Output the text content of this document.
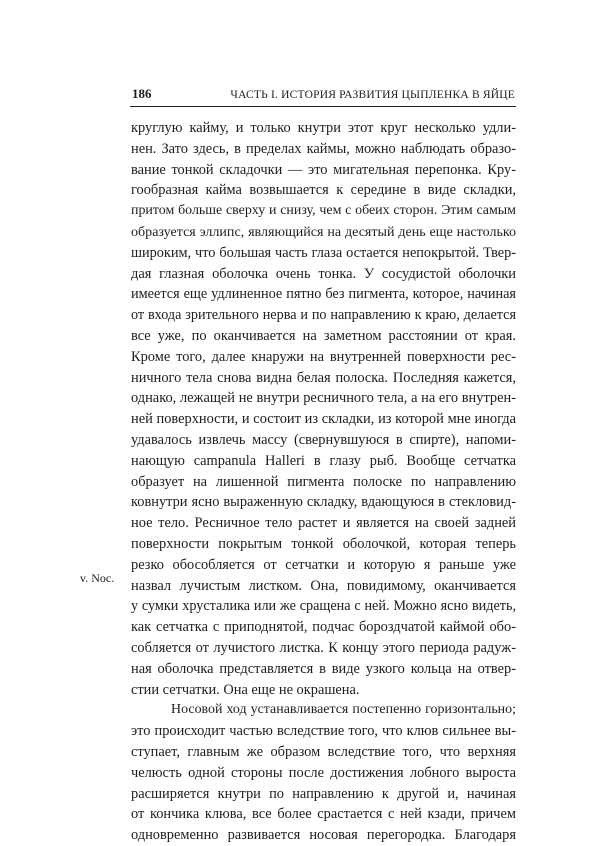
186	ЧАСТЬ I. ИСТОРИЯ РАЗВИТИЯ ЦЫПЛЕНКА В ЯЙЦЕ
v. Noc.
круглую кайму, и только кнутри этот круг несколько удли-
нен. Зато здесь, в пределах каймы, можно наблюдать образо-
вание тонкой складочки — это мигательная перепонка. Кру-
гообразная кайма возвышается к середине в виде складки,
притом больше сверху и снизу, чем с обеих сторон. Этим самым
образуется эллипс, являющийся на десятый день еще настолько
широким, что большая часть глаза остается непокрытой. Твер-
дая глазная оболочка очень тонка. У сосудистой оболочки
имеется еще удлиненное пятно без пигмента, которое, начиная
от входа зрительного нерва и по направлению к краю, делается
все уже, по оканчивается на заметном расстоянии от края.
Кроме того, далее кнаружи на внутренней поверхности рес-
ничного тела снова видна белая полоска. Последняя кажется,
однако, лежащей не внутри ресничного тела, а на его внутрен-
ней поверхности, и состоит из складки, из которой мне иногда
удавалось извлечь массу (свернувшуюся в спирте), напоми-
нающую campanula Halleri в глазу рыб. Вообще сетчатка
образует на лишенной пигмента полоске по направлению
ковнутри ясно выраженную складку, вдающуюся в стекловид-
ное тело. Ресничное тело растет и является на своей задней
поверхности покрытым тонкой оболочкой, которая теперь
резко обособляется от сетчатки и которую я раньше уже
назвал лучистым листком. Она, повидимому, оканчивается
у сумки хрусталика или же сращена с ней. Можно ясно видеть,
как сетчатка с приподнятой, подчас бороздчатой каймой обо-
собляется от лучистого листка. К концу этого периода радуж-
ная оболочка представляется в виде узкого кольца на отвер-
стии сетчатки. Она еще не окрашена.
Носовой ход устанавливается постепенно горизонтально;
это происходит частью вследствие того, что клюв сильнее вы-
ступает, главным же образом вследствие того, что верхняя
челюсть одной стороны после достижения лобного выроста
расширяется кнутри по направлению к другой и, начиная
от кончика клюва, все более срастается с ней кзади, причем
одновременно развивается носовая перегородка. Благодаря
